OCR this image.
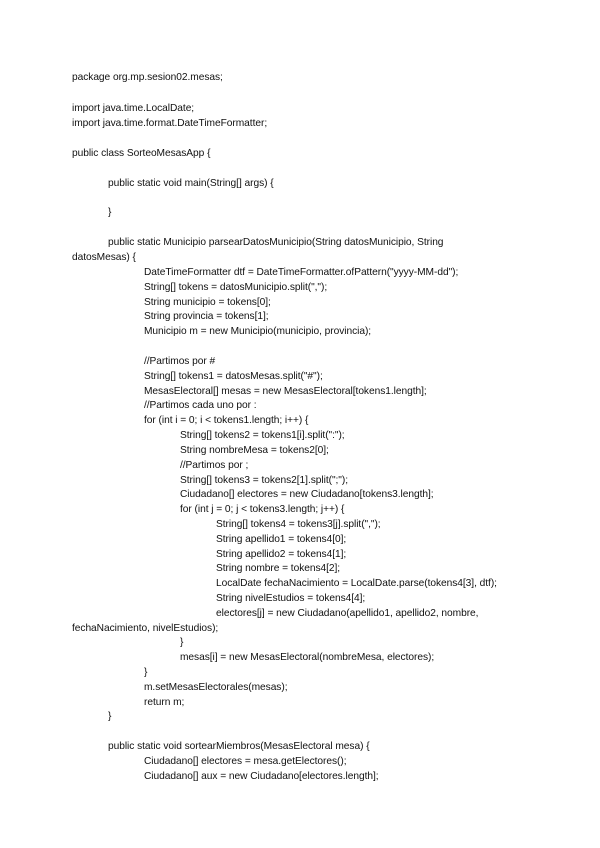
package org.mp.sesion02.mesas;
import java.time.LocalDate;
import java.time.format.DateTimeFormatter;
public class SorteoMesasApp {
public static void main(String[] args) {
}
public static Municipio parsearDatosMunicipio(String datosMunicipio, String
datosMesas) {
DateTimeFormatter dtf = DateTimeFormatter.ofPattern("yyyy-MM-dd");
String[] tokens = datosMunicipio.split(",");
String municipio = tokens[0];
String provincia = tokens[1];
Municipio m = new Municipio(municipio, provincia);
//Partimos por #
String[] tokens1 = datosMesas.split("#");
MesasElectoral[] mesas = new MesasElectoral[tokens1.length];
//Partimos cada uno por :
for (int i = 0; i < tokens1.length; i++) {
String[] tokens2 = tokens1[i].split(":");
String nombreMesa = tokens2[0];
//Partimos por ;
String[] tokens3 = tokens2[1].split(";");
Ciudadano[] electores = new Ciudadano[tokens3.length];
for (int j = 0; j < tokens3.length; j++) {
String[] tokens4 = tokens3[j].split(",");
String apellido1 = tokens4[0];
String apellido2 = tokens4[1];
String nombre = tokens4[2];
LocalDate fechaNacimiento = LocalDate.parse(tokens4[3], dtf);
String nivelEstudios = tokens4[4];
electores[j] = new Ciudadano(apellido1, apellido2, nombre,
fechaNacimiento, nivelEstudios);
}
mesas[i] = new MesasElectoral(nombreMesa, electores);
}
m.setMesasElectorales(mesas);
return m;
}
public static void sortearMiembros(MesasElectoral mesa) {
Ciudadano[] electores = mesa.getElectores();
Ciudadano[] aux = new Ciudadano[electores.length];
